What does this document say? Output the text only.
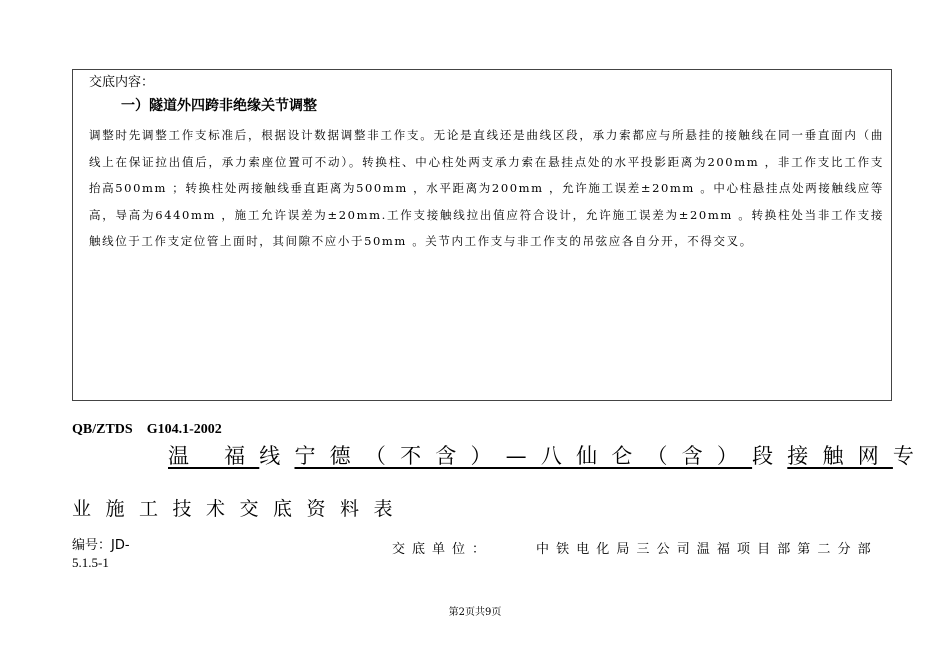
交底内容：
一）隧道外四跨非绝缘关节调整

调整时先调整工作支标准后，根据设计数据调整非工作支。无论是直线还是曲线区段，承力索都应与所悬挂的接触线在同一垂直面内（曲线上在保证拉出值后，承力索座位置可不动）。转换柱、中心柱处两支承力索在悬挂点处的水平投影距离为200mm ，非工作支比工作支抬高500mm ；转换柱处两接触线垂直距离为500mm ，水平距离为200mm ，允许施工误差±20mm 。中心柱悬挂点处两接触线应等高，导高为6440mm ，施工允许误差为±20mm.工作支接触线拉出值应符合设计，允许施工误差为±20mm 。转换柱处当非工作支接触线位于工作支定位管上面时，其间隙不应小于50mm 。关节内工作支与非工作支的吊弦应各自分开，不得交叉。

QB/ZTDS    G104.1-2002
温 福线宁德（不含）—八仙仑（含）段接触网专
业施工技术交底资料表
编号：JD-
5.1.5-1
交底单位：	中铁电化局三公司温福项目部第二分部
第2页共9页
